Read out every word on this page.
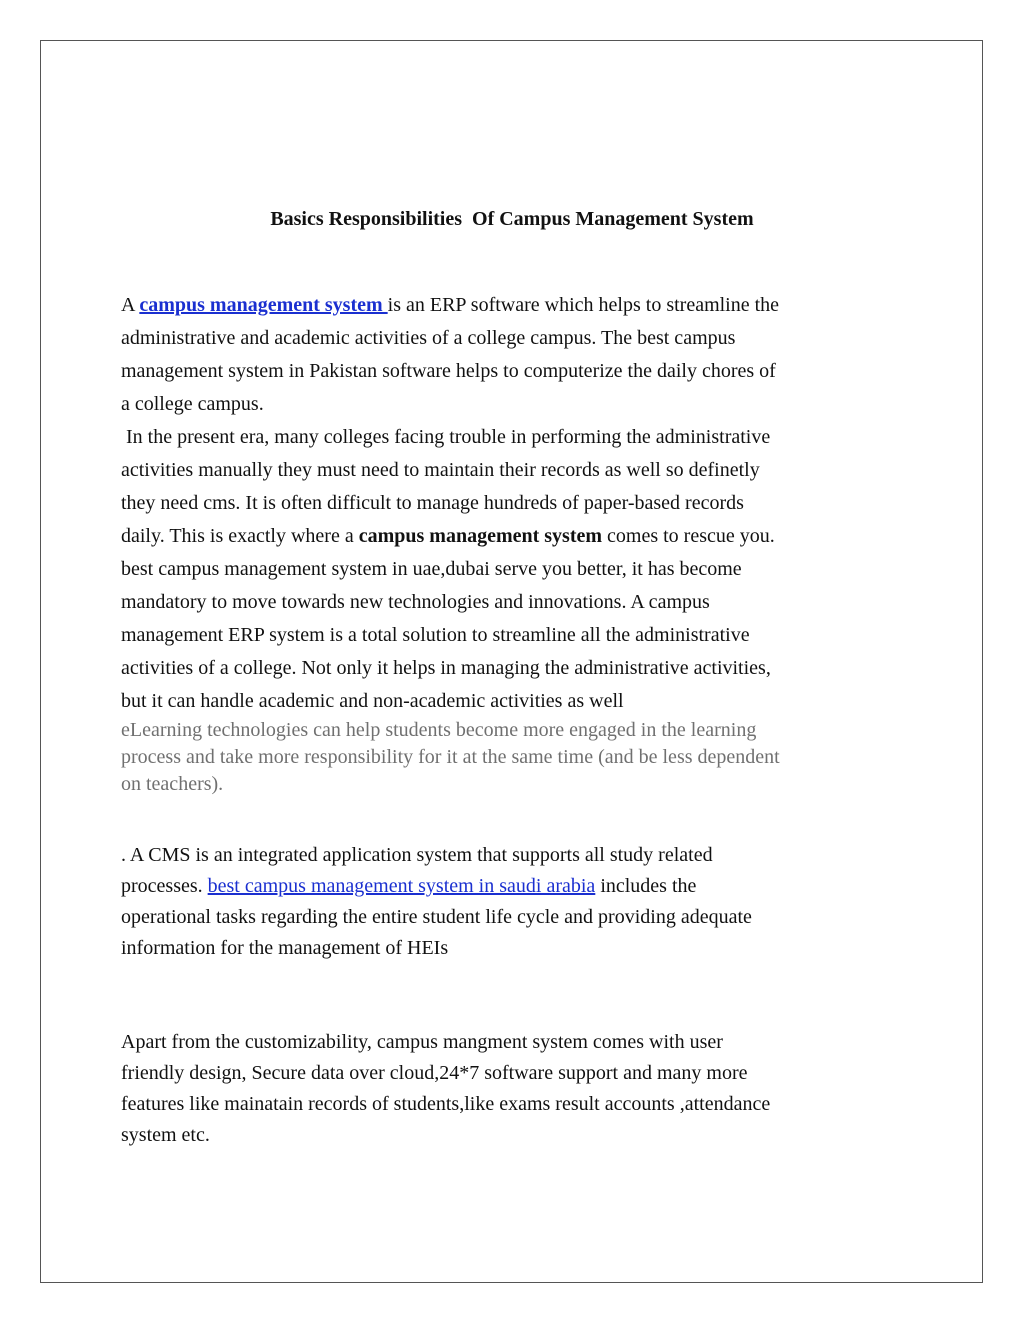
Basics Responsibilities  Of Campus Management System
A campus management system is an ERP software which helps to streamline the
administrative and academic activities of a college campus. The best campus
management system in Pakistan software helps to computerize the daily chores of
a college campus.
In the present era, many colleges facing trouble in performing the administrative
activities manually they must need to maintain their records as well so definetly
they need cms. It is often difficult to manage hundreds of paper-based records
daily. This is exactly where a campus management system comes to rescue you.
best campus management system in uae,dubai serve you better, it has become
mandatory to move towards new technologies and innovations. A campus
management ERP system is a total solution to streamline all the administrative
activities of a college. Not only it helps in managing the administrative activities,
but it can handle academic and non-academic activities as well
eLearning technologies can help students become more engaged in the learning
process and take more responsibility for it at the same time (and be less dependent
on teachers).
. A CMS is an integrated application system that supports all study related
processes. best campus management system in saudi arabia includes the
operational tasks regarding the entire student life cycle and providing adequate
information for the management of HEIs
Apart from the customizability, campus mangment system comes with user
friendly design, Secure data over cloud,24*7 software support and many more
features like mainatain records of students,like exams result accounts ,attendance
system etc.
